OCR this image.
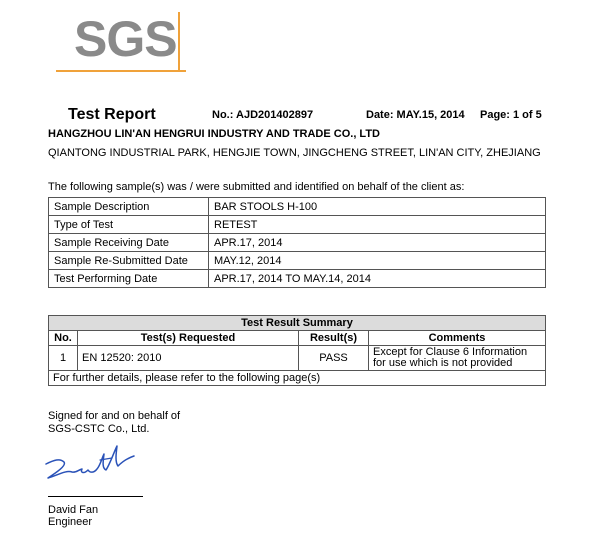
SGS
Test Report	No.: AJD201402897	Date: MAY.15, 2014 Page: 1 of 5
HANGZHOU LIN'AN HENGRUI INDUSTRY AND TRADE CO., LTD
QIANTONG INDUSTRIAL PARK, HENGJIE TOWN, JINGCHENG STREET, LIN'AN CITY, ZHEJIANG
The following sample(s) was / were submitted and identified on behalf of the client as:
Sample Description	BAR STOOLS H-100
Type of Test	RETEST
Sample Receiving Date	APR.17, 2014
Sample Re-Submitted Date	MAY.12, 2014
Test Performing Date	APR.17, 2014 TO MAY.14, 2014
Test Result Summary			
No.	Test(s) Requested	Result(s)	Comments
1	EN 12520: 2010	PASS	Except for Clause 6 Information for use which is not provided
For further details, please refer to the following page(s)			
Signed for and on behalf of
SGS-CSTC Co., Ltd.
David Fan
Engineer
